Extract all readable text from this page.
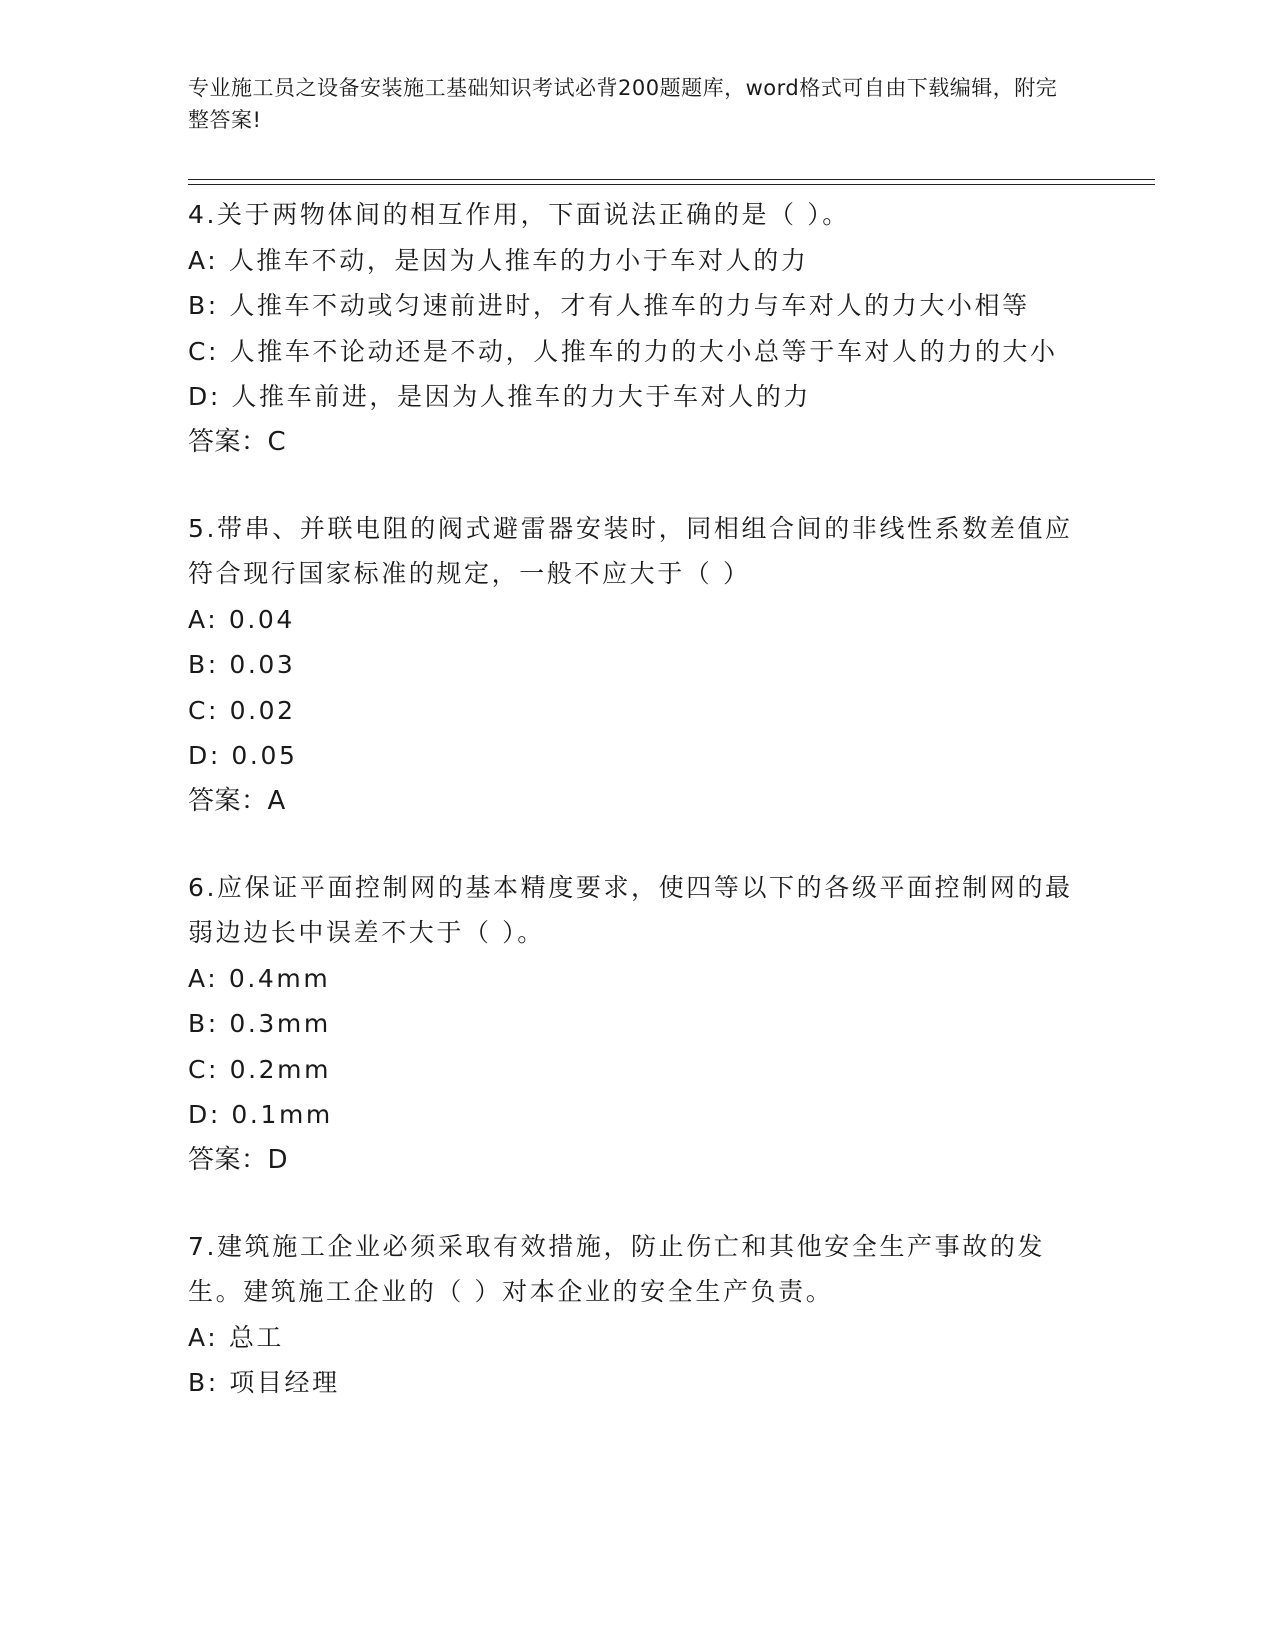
专业施工员之设备安装施工基础知识考试必背200题题库，word格式可自由下载编辑，附完整答案!
4.关于两物体间的相互作用，下面说法正确的是（ ）。
A: 人推车不动，是因为人推车的力小于车对人的力
B: 人推车不动或匀速前进时，才有人推车的力与车对人的力大小相等
C: 人推车不论动还是不动，人推车的力的大小总等于车对人的力的大小
D: 人推车前进，是因为人推车的力大于车对人的力
答案：C
5.带串、并联电阻的阀式避雷器安装时，同相组合间的非线性系数差值应符合现行国家标准的规定，一般不应大于（ ）
A: 0.04
B: 0.03
C: 0.02
D: 0.05
答案：A
6.应保证平面控制网的基本精度要求，使四等以下的各级平面控制网的最弱边边长中误差不大于（ ）。
A: 0.4mm
B: 0.3mm
C: 0.2mm
D: 0.1mm
答案：D
7.建筑施工企业必须采取有效措施，防止伤亡和其他安全生产事故的发生。建筑施工企业的（ ）对本企业的安全生产负责。
A: 总工
B: 项目经理
